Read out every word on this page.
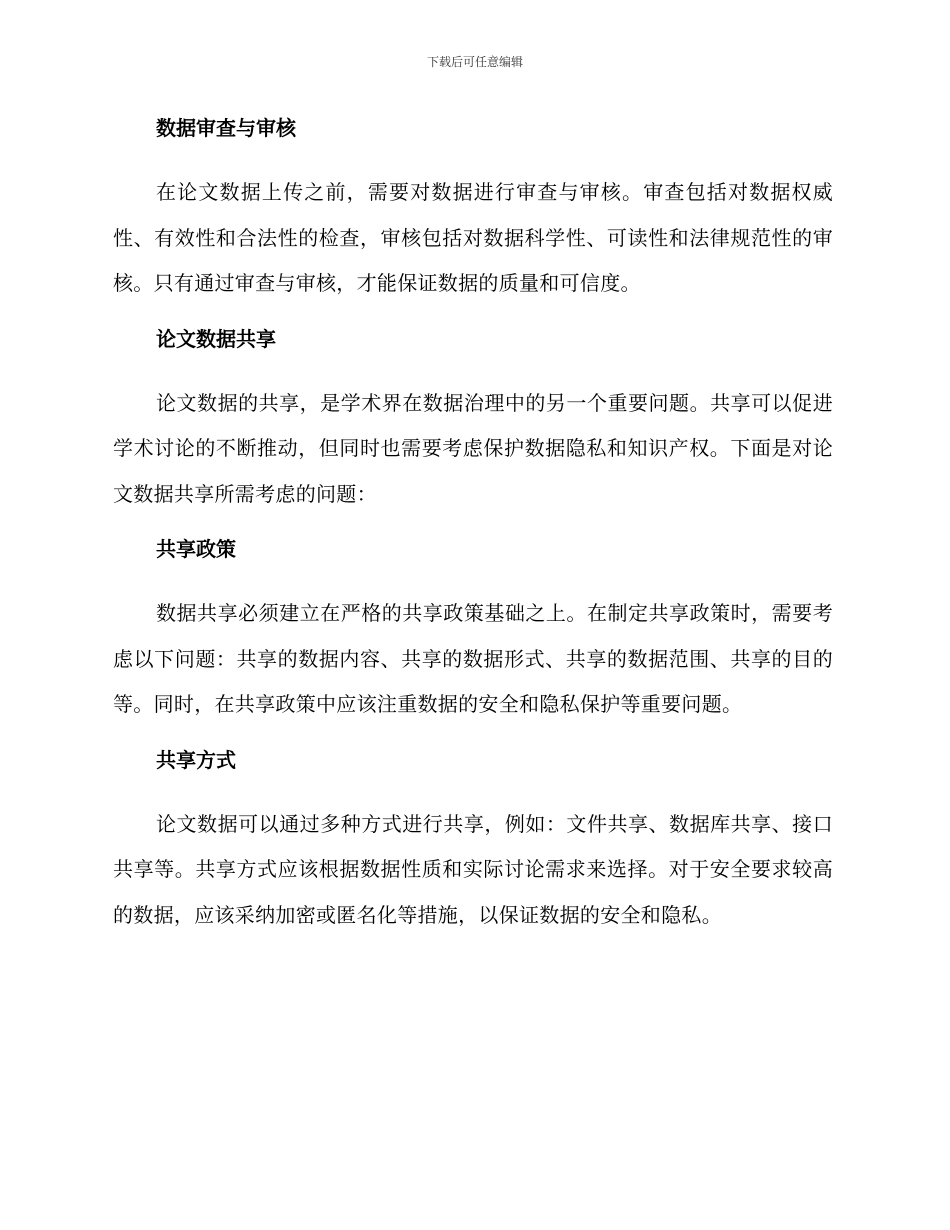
下载后可任意编辑
数据审查与审核

在论文数据上传之前，需要对数据进行审查与审核。审查包括对数据权威性、有效性和合法性的检查，审核包括对数据科学性、可读性和法律规范性的审核。只有通过审查与审核，才能保证数据的质量和可信度。

论文数据共享

论文数据的共享，是学术界在数据治理中的另一个重要问题。共享可以促进学术讨论的不断推动，但同时也需要考虑保护数据隐私和知识产权。下面是对论文数据共享所需考虑的问题：

共享政策

数据共享必须建立在严格的共享政策基础之上。在制定共享政策时，需要考虑以下问题：共享的数据内容、共享的数据形式、共享的数据范围、共享的目的等。同时，在共享政策中应该注重数据的安全和隐私保护等重要问题。

共享方式

论文数据可以通过多种方式进行共享，例如：文件共享、数据库共享、接口共享等。共享方式应该根据数据性质和实际讨论需求来选择。对于安全要求较高的数据，应该采纳加密或匿名化等措施，以保证数据的安全和隐私。
